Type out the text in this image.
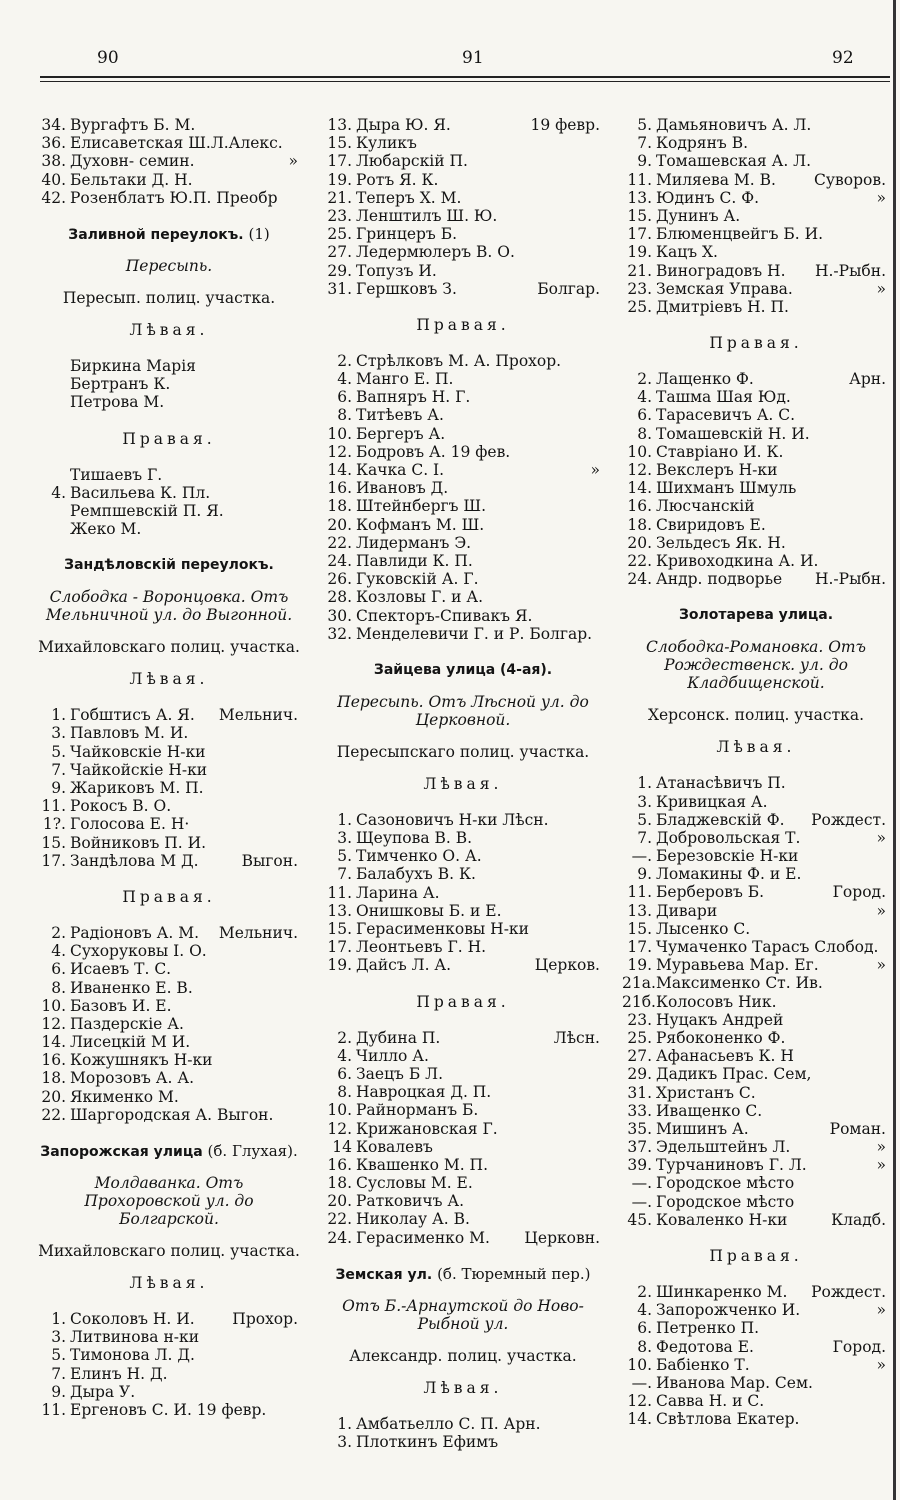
90	91	92
34. Вургафтъ Б. М.
36. Елисаветская Ш.Л.Алекс.
38. Духовн- семин.	»
40. Бельтаки Д. Н.
42. Розенблатъ Ю.П. Преобр
Заливной переулокъ. (1)
Пересыпь.
Пересып. полиц. участка.
Лѣвая.
Биркина Марія
Бертранъ К.
Петрова М.
Правая.
Тишаевъ Г.
4. Васильева К. Пл.
Ремпшевскій П. Я.
Жеко М.
Зандѣловскій переулокъ.
Слободка - Воронцовка. Отъ Мельничной ул. до Выгонной.
Михайловскаго полиц. участка.
Лѣвая.
1. Гобштисъ А. Я. Мельнич.
3. Павловъ М. И.
5. Чайковскіе Н-ки
7. Чайкойскіе Н-ки
9. Жариковъ М. П.
11. Рокосъ В. О.
1?. Голосова Е. Н·
15. Войниковъ П. И.
17. Зандѣлова М Д.	Выгон.
Правая.
2. Радіоновъ А. М. Мельнич.
4. Сухоруковы І. О.
6. Исаевъ Т. С.
8. Иваненко Е. В.
10. Базовъ И. Е.
12. Паздерскіе А.
14. Лисецкій М И.
16. Кожушнякъ Н-ки
18. Морозовъ А. А.
20. Якименко М.
22. Шаргородская А. Выгон.
Запорожская улица (б. Глухая).
Молдаванка. Отъ Прохоровской ул. до Болгарской.
Михайловскаго полиц. участка.
Лѣвая.
1. Соколовъ Н. И. Прохор.
3. Литвинова н-ки
5. Тимонова Л. Д.
7. Елинъ Н. Д.
9. Дыра У.
11. Ергеновъ С. И. 19 февр.
13. Дыра Ю. Я.	19 февр.
15. Куликъ
17. Любарскій П.
19. Ротъ Я. К.
21. Теперъ Х. М.
23. Ленштилъ Ш. Ю.
25. Гринцеръ Б.
27. Ледермюлеръ В. О.
29. Топузъ И.
31. Гершковъ З.	Болгар.
Правая.
2. Стрѣлковъ М. А. Прохор.
4. Манго Е. П.
6. Вапняръ Н. Г.
8. Титѣевъ А.
10. Бергеръ А.
12. Бодровъ А. 19 фев.
14. Качка С. І.	»
16. Ивановъ Д.
18. Штейнбергъ Ш.
20. Кофманъ М. Ш.
22. Лидерманъ Э.
24. Павлиди К. П.
26. Гуковскій А. Г.
28. Козловы Г. и А.
30. Спекторъ-Спивакъ Я.
32. Менделевичи Г. и Р. Болгар.
Зайцева улица (4-ая).
Пересыпь. Отъ Лѣсной ул. до Церковной.
Пересыпскаго полиц. участка.
Лѣвая.
1. Сазоновичъ Н-ки Лѣсн.
3. Щеупова В. В.
5. Тимченко О. А.
7. Балабухъ В. К.
11. Ларина А.
13. Онишковы Б. и Е.
15. Герасименковы Н-ки
17. Леонтьевъ Г. Н.
19. Дайсъ Л. А.	Церков.
Правая.
2. Дубина П.	Лѣсн.
4. Чилло А.
6. Заецъ Б Л.
8. Навроцкая Д. П.
10. Райнорманъ Б.
12. Крижановская Г.
14 Ковалевъ
16. Квашенко М. П.
18. Сусловы М. Е.
20. Ратковичъ А.
22. Николау А. В.
24. Герасименко М. Церковн.
Земская ул. (б. Тюремный пер.)
Отъ Б.-Арнаутской до Ново-Рыбной ул.
Александр. полиц. участка.
Лѣвая.
1. Амбатьелло С. П. Арн.
3. Плоткинъ Ефимъ
5. Дамьяновичъ А. Л.
7. Кодрянъ В.
9. Томашевская А. Л.
11. Миляева М. В. Суворов.
13. Юдинъ С. Ф.	»
15. Дунинъ А.
17. Блюменцвейгъ Б. И.
19. Кацъ Х.
21. Виноградовъ Н. Н.-Рыбн.
23. Земская Управа.	»
25. Дмитріевъ Н. П.
Правая.
2. Лащенко Ф.	Арн.
4. Ташма Шая Юд.
6. Тарасевичъ А. С.
8. Томашевскій Н. И.
10. Ставріано И. К.
12. Векслеръ Н-ки
14. Шихманъ Шмуль
16. Люсчанскій
18. Свиридовъ Е.
20. Зельдесъ Як. Н.
22. Кривоходкина А. И.
24. Андр. подворье Н.-Рыбн.
Золотарева улица.
Слободка-Романовка. Отъ Рождественск. ул. до Кладбищенской.
Херсонск. полиц. участка.
Лѣвая.
1. Атанасѣвичъ П.
3. Кривицкая А.
5. Бладжевскій Ф. Рождест.
7. Добровольская Т.	»
—. Березовскіе Н-ки
9. Ломакины Ф. и Е.
11. Берберовъ Б.	Город.
13. Дивари	»
15. Лысенко С.
17. Чумаченко Тарасъ Слобод.
19. Муравьева Мар. Ег.	»
21а. Максименко Ст. Ив.
21б. Колосовъ Ник.
23. Нуцакъ Андрей
25. Рябоконенко Ф.
27. Афанасьевъ К. Н
29. Дадикъ Прас. Сем,
31. Христанъ С.
33. Иващенко С.
35. Мишинъ А.	Роман.
37. Эдельштейнъ Л.	»
39. Турчаниновъ Г. Л.	»
—. Городское мѣсто
—. Городское мѣсто
45. Коваленко Н-ки	Кладб.
Правая.
2. Шинкаренко М. Рождест.
4. Запорожченко И.	»
6. Петренко П.
8. Федотова Е.	Город.
10. Бабіенко Т.	»
—. Иванова Мар. Сем.
12. Савва Н. и С.
14. Свѣтлова Екатер.
